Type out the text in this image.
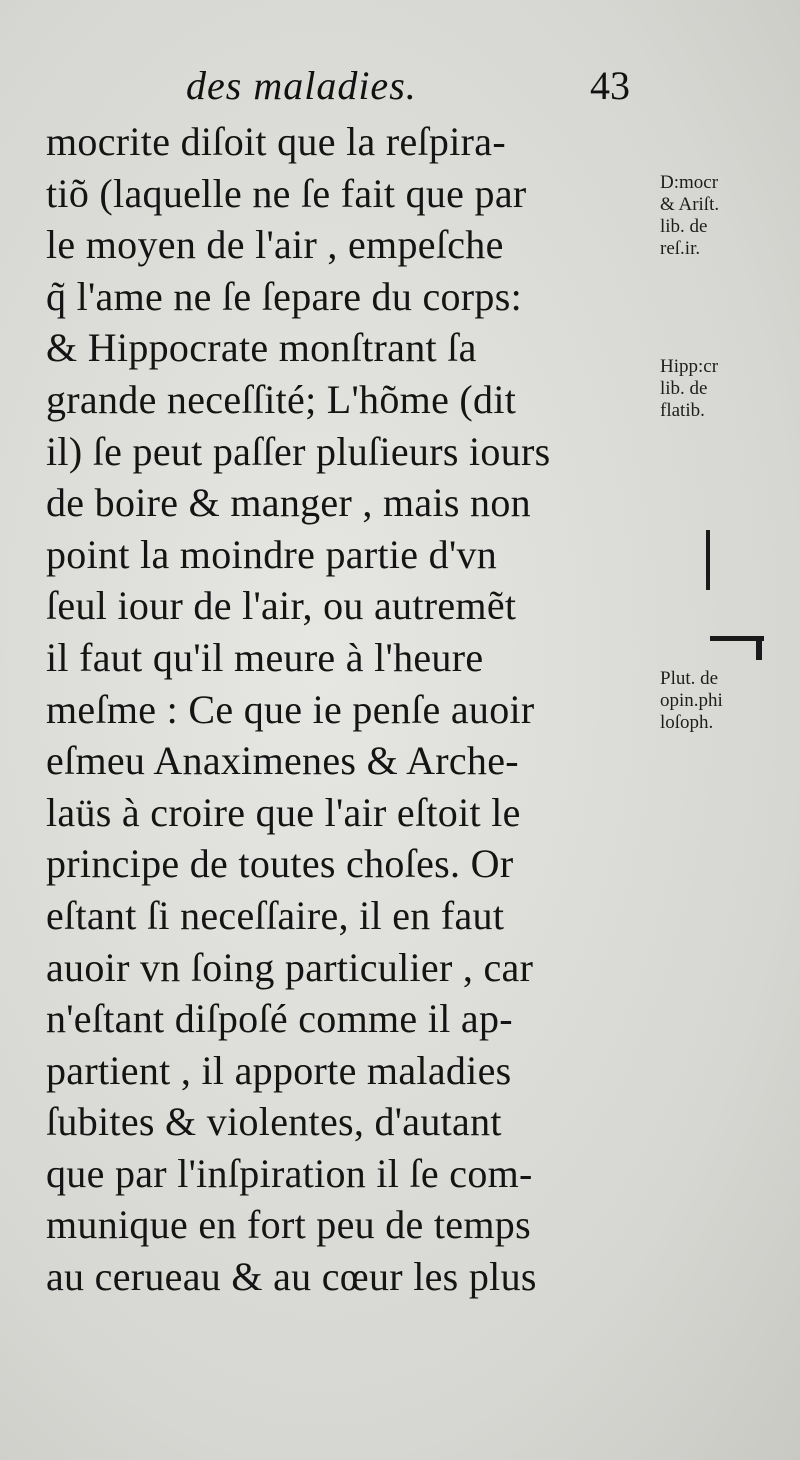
des maladies.	43
mocrite diſoit que la reſpira-
tiõ (laquelle ne ſe fait que par
le moyen de l'air , empeſche
q̃ l'ame ne ſe ſepare du corps:
& Hippocrate monſtrant ſa
grande neceſſité; L'hõme (dit
il) ſe peut paſſer pluſieurs iours
de boire & manger , mais non
point la moindre partie d'vn
ſeul iour de l'air, ou autremẽt
il faut qu'il meure à l'heure
meſme : Ce que ie penſe auoir
eſmeu Anaximenes & Arche-
laüs à croire que l'air eſtoit le
principe de toutes choſes. Or
eſtant ſi neceſſaire, il en faut
auoir vn ſoing particulier , car
n'eſtant diſpoſé comme il ap-
partient , il apporte maladies
ſubites & violentes, d'autant
que par l'inſpiration il ſe com-
munique en fort peu de temps
au cerueau & au cœur les plus
D:mocr
& Ariſt.
lib. de
reſ.ir.
Hipp:cr
lib. de
flatib.
Plut. de
opin.phi
loſoph.
